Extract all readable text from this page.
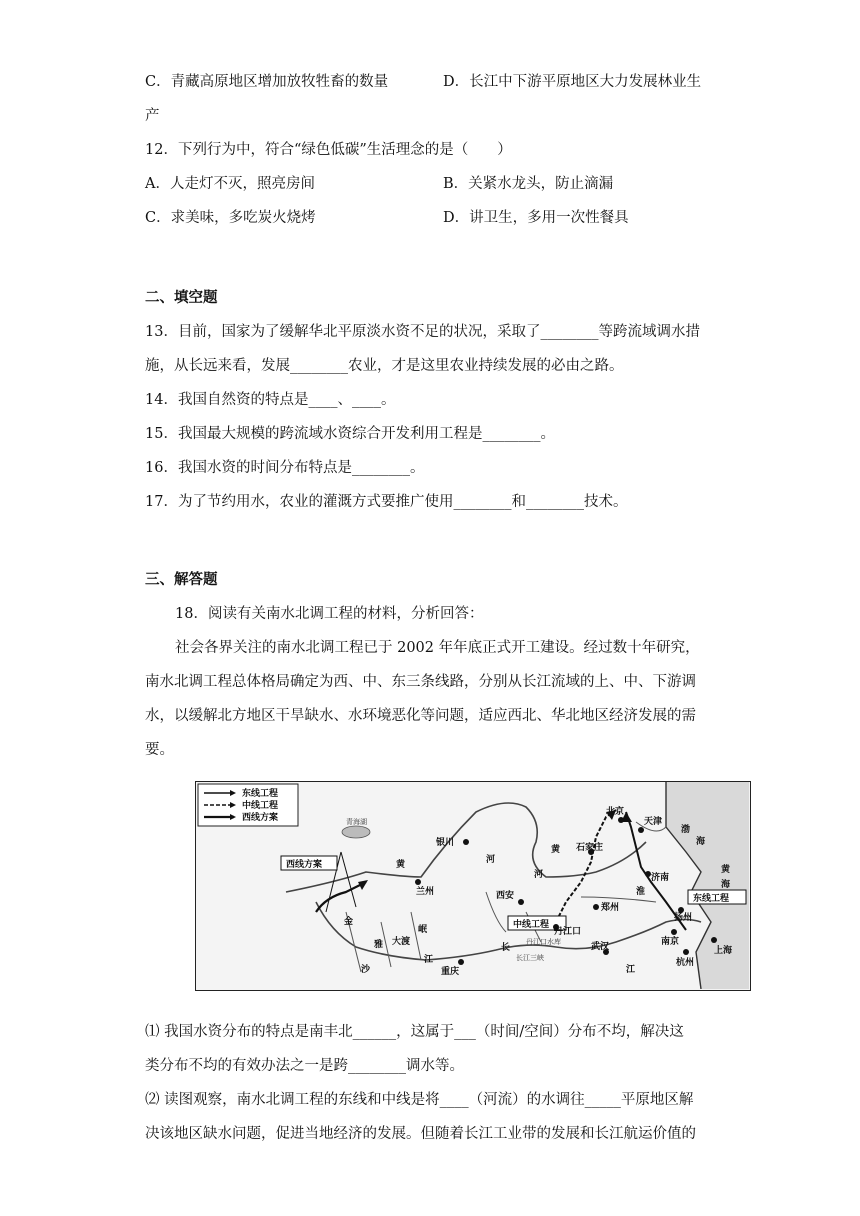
C．青藏高原地区增加放牧牲畜的数量	D．长江中下游平原地区大力发展林业生
产
12．下列行为中，符合“绿色低碳”生活理念的是（　　）
A．人走灯不灭，照亮房间	B．关紧水龙头，防止滴漏
C．求美味，多吃炭火烧烤	D．讲卫生，多用一次性餐具
二、填空题
13．目前，国家为了缓解华北平原淡水资不足的状况，采取了________等跨流域调水措
施，从长远来看，发展________农业，才是这里农业持续发展的必由之路。
14．我国自然资的特点是____、____。
15．我国最大规模的跨流域水资综合开发利用工程是________。
16．我国水资的时间分布特点是________。
17．为了节约用水，农业的灌溉方式要推广使用________和________技术。
三、解答题
18．阅读有关南水北调工程的材料，分析回答：
社会各界关注的南水北调工程已于 2002 年年底正式开工建设。经过数十年研究，
南水北调工程总体格局确定为西、中、东三条线路，分别从长江流域的上、中、下游调
水，以缓解北方地区干旱缺水、水环境恶化等问题，适应西北、华北地区经济发展的需
要。
东线工程
中线工程
西线方案
西线方案
中线工程
东线工程
银川
兰州	西安
郑州
丹江口
北京
天津
石家庄
济南
扬州
南京
上海
杭州
武汉
重庆
青海湖
黄	河
黄
河
长
江
金
沙
江
雅 大渡
岷
淮
丹江口水库
长江三峡
渤
海
黄
海
⑴ 我国水资分布的特点是南丰北______，这属于___（时间/空间）分布不均，解决这
类分布不均的有效办法之一是跨________调水等。
⑵ 读图观察，南水北调工程的东线和中线是将____（河流）的水调往_____平原地区解
决该地区缺水问题，促进当地经济的发展。但随着长江工业带的发展和长江航运价值的
